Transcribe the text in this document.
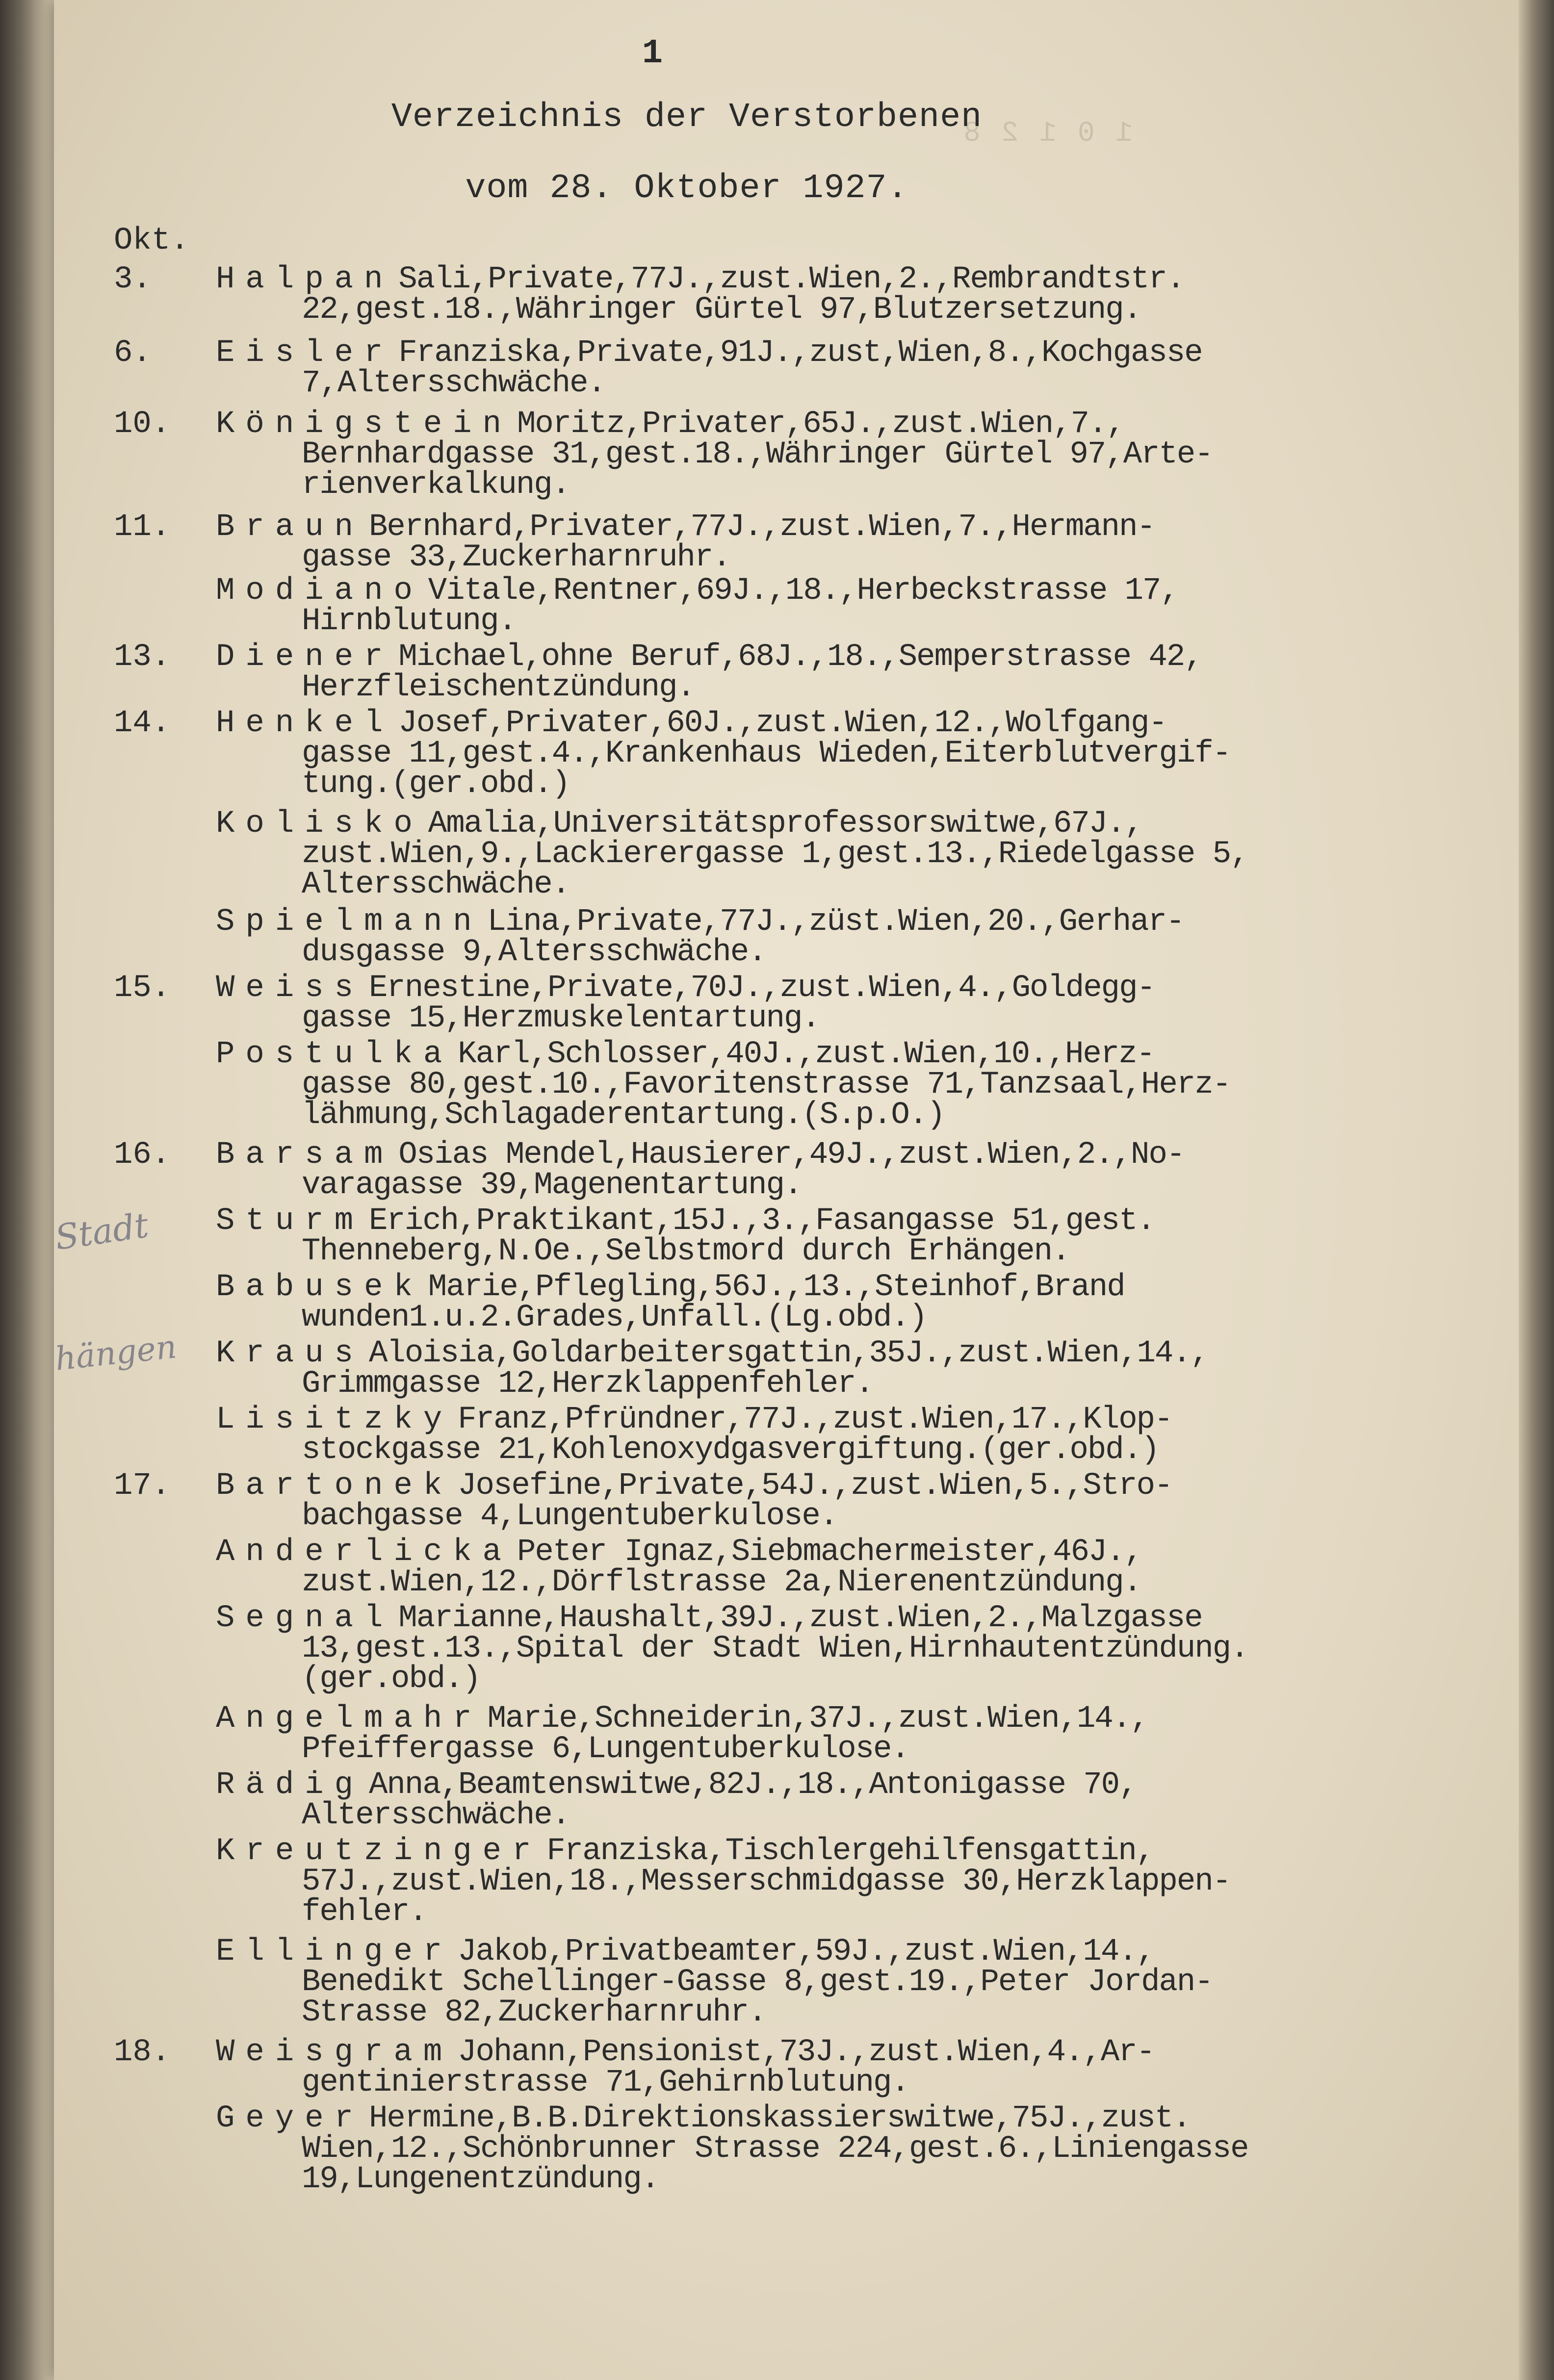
1 0 1 2 8
1
Verzeichnis der Verstorbenen
vom 28. Oktober 1927.
Okt.
Stadt
hängen
3. Halpan Sali,Private,77J.,zust.Wien,2.,Rembrandtstr.
22,gest.18.,Währinger Gürtel 97,Blutzersetzung.
6. Eisler Franziska,Private,91J.,zust,Wien,8.,Kochgasse
7,Altersschwäche.
10. Königstein Moritz,Privater,65J.,zust.Wien,7.,
Bernhardgasse 31,gest.18.,Währinger Gürtel 97,Arte-
rienverkalkung.
11. Braun Bernhard,Privater,77J.,zust.Wien,7.,Hermann-
gasse 33,Zuckerharnruhr.
Modiano Vitale,Rentner,69J.,18.,Herbeckstrasse 17,
Hirnblutung.
13. Diener Michael,ohne Beruf,68J.,18.,Semperstrasse 42,
Herzfleischentzündung.
14. Henkel Josef,Privater,60J.,zust.Wien,12.,Wolfgang-
gasse 11,gest.4.,Krankenhaus Wieden,Eiterblutvergif-
tung.(ger.obd.)
Kolisko Amalia,Universitätsprofessorswitwe,67J.,
zust.Wien,9.,Lackierergasse 1,gest.13.,Riedelgasse 5,
Altersschwäche.
Spielmann Lina,Private,77J.,züst.Wien,20.,Gerhar-
dusgasse 9,Altersschwäche.
15. Weiss Ernestine,Private,70J.,zust.Wien,4.,Goldegg-
gasse 15,Herzmuskelentartung.
Postulka Karl,Schlosser,40J.,zust.Wien,10.,Herz-
gasse 80,gest.10.,Favoritenstrasse 71,Tanzsaal,Herz-
lähmung,Schlagaderentartung.(S.p.O.)
16. Barsam Osias Mendel,Hausierer,49J.,zust.Wien,2.,No-
varagasse 39,Magenentartung.
Sturm Erich,Praktikant,15J.,3.,Fasangasse 51,gest.
Thenneberg,N.Oe.,Selbstmord durch Erhängen.
Babusek Marie,Pflegling,56J.,13.,Steinhof,Brand
wunden1.u.2.Grades,Unfall.(Lg.obd.)
Kraus Aloisia,Goldarbeitersgattin,35J.,zust.Wien,14.,
Grimmgasse 12,Herzklappenfehler.
Lisitzky Franz,Pfründner,77J.,zust.Wien,17.,Klop-
stockgasse 21,Kohlenoxydgasvergiftung.(ger.obd.)
17. Bartonek Josefine,Private,54J.,zust.Wien,5.,Stro-
bachgasse 4,Lungentuberkulose.
Anderlicka Peter Ignaz,Siebmachermeister,46J.,
zust.Wien,12.,Dörflstrasse 2a,Nierenentzündung.
Segnal Marianne,Haushalt,39J.,zust.Wien,2.,Malzgasse
13,gest.13.,Spital der Stadt Wien,Hirnhautentzündung.
(ger.obd.)
Angelmahr Marie,Schneiderin,37J.,zust.Wien,14.,
Pfeiffergasse 6,Lungentuberkulose.
Rädig Anna,Beamtenswitwe,82J.,18.,Antonigasse 70,
Altersschwäche.
Kreutzinger Franziska,Tischlergehilfensgattin,
57J.,zust.Wien,18.,Messerschmidgasse 30,Herzklappen-
fehler.
Ellinger Jakob,Privatbeamter,59J.,zust.Wien,14.,
Benedikt Schellinger-Gasse 8,gest.19.,Peter Jordan-
Strasse 82,Zuckerharnruhr.
18. Weisgram Johann,Pensionist,73J.,zust.Wien,4.,Ar-
gentinierstrasse 71,Gehirnblutung.
Geyer Hermine,B.B.Direktionskassierswitwe,75J.,zust.
Wien,12.,Schönbrunner Strasse 224,gest.6.,Liniengasse
19,Lungenentzündung.
